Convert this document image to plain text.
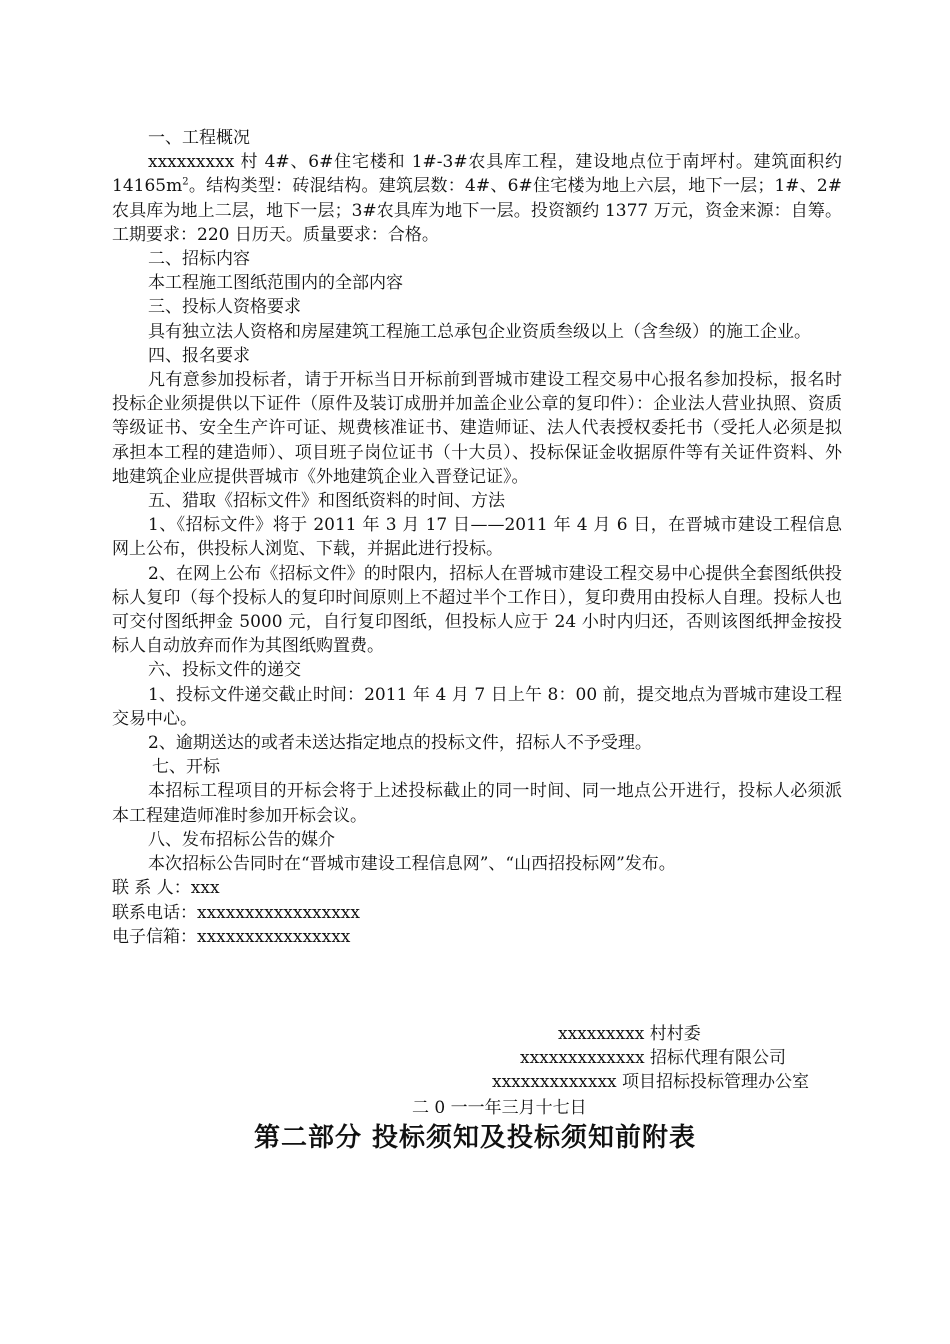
一、工程概况

xxxxxxxxx 村 4#、6#住宅楼和 1#-3#农具库工程，建设地点位于南坪村。建筑面积约 $14165m^2$。结构类型：砖混结构。建筑层数：4#、6#住宅楼为地上六层，地下一层；1#、2#农具库为地上二层，地下一层；3#农具库为地下一层。投资额约 1377 万元，资金来源：自筹。工期要求：220 日历天。质量要求：合格。

二、招标内容

本工程施工图纸范围内的全部内容

三、投标人资格要求

具有独立法人资格和房屋建筑工程施工总承包企业资质叁级以上（含叁级）的施工企业。

四、报名要求

凡有意参加投标者，请于开标当日开标前到晋城市建设工程交易中心报名参加投标，报名时投标企业须提供以下证件（原件及装订成册并加盖企业公章的复印件）：企业法人营业执照、资质等级证书、安全生产许可证、规费核准证书、建造师证、法人代表授权委托书（受托人必须是拟承担本工程的建造师）、项目班子岗位证书（十大员）、投标保证金收据原件等有关证件资料、外地建筑企业应提供晋城市《外地建筑企业入晋登记证》。

五、猎取《招标文件》和图纸资料的时间、方法

1、《招标文件》将于 2011 年 3 月 17 日——2011 年 4 月 6 日，在晋城市建设工程信息网上公布，供投标人浏览、下载，并据此进行投标。

2、在网上公布《招标文件》的时限内，招标人在晋城市建设工程交易中心提供全套图纸供投标人复印（每个投标人的复印时间原则上不超过半个工作日），复印费用由投标人自理。投标人也可交付图纸押金 5000 元，自行复印图纸，但投标人应于 24 小时内归还，否则该图纸押金按投标人自动放弃而作为其图纸购置费。

六、投标文件的递交

1、投标文件递交截止时间：2011 年 4 月 7 日上午 8：00 前，提交地点为晋城市建设工程交易中心。

2、逾期送达的或者未送达指定地点的投标文件，招标人不予受理。

七、开标

本招标工程项目的开标会将于上述投标截止的同一时间、同一地点公开进行，投标人必须派本工程建造师准时参加开标会议。

八、发布招标公告的媒介

本次招标公告同时在“晋城市建设工程信息网”、“山西招投标网”发布。

联 系 人：xxx
联系电话：xxxxxxxxxxxxxxxxx
电子信箱：xxxxxxxxxxxxxxxx
xxxxxxxxx 村村委
xxxxxxxxxxxxx 招标代理有限公司
xxxxxxxxxxxxx 项目招标投标管理办公室
二 0 一一年三月十七日
第二部分 投标须知及投标须知前附表
